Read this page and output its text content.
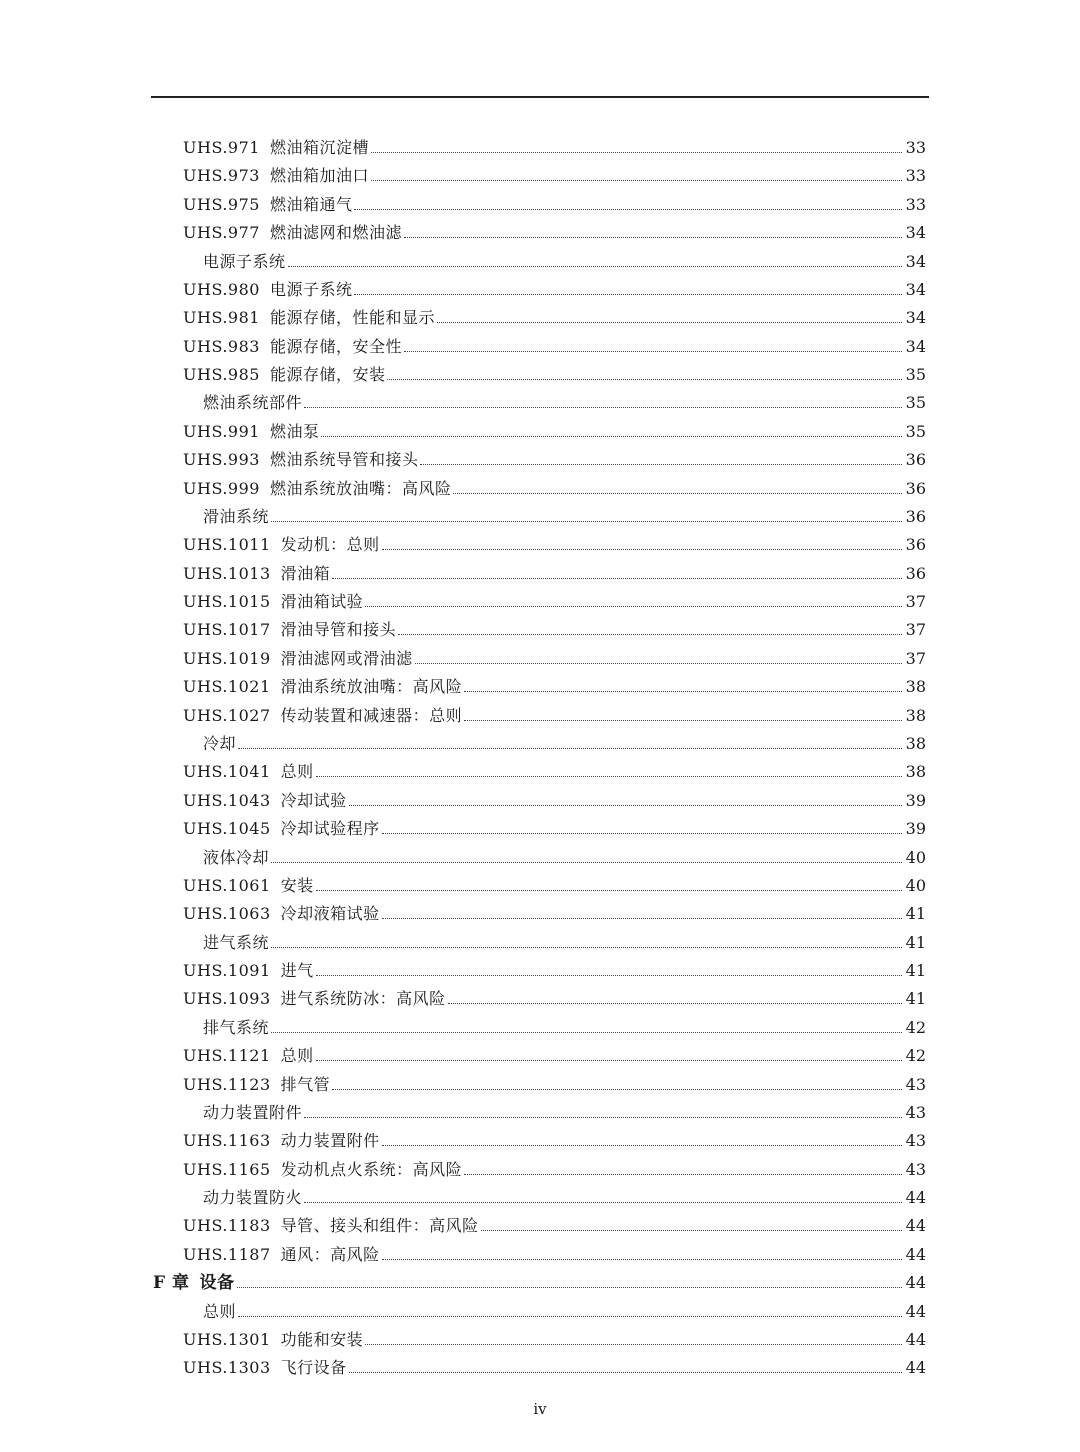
UHS.971 燃油箱沉淀槽	33
UHS.973 燃油箱加油口	33
UHS.975 燃油箱通气	33
UHS.977 燃油滤网和燃油滤	34
电源子系统	34
UHS.980 电源子系统	34
UHS.981 能源存储，性能和显示	34
UHS.983 能源存储，安全性	34
UHS.985 能源存储，安装	35
燃油系统部件	35
UHS.991 燃油泵	35
UHS.993 燃油系统导管和接头	36
UHS.999 燃油系统放油嘴：高风险	36
滑油系统	36
UHS.1011 发动机：总则	36
UHS.1013 滑油箱	36
UHS.1015 滑油箱试验	37
UHS.1017 滑油导管和接头	37
UHS.1019 滑油滤网或滑油滤	37
UHS.1021 滑油系统放油嘴：高风险	38
UHS.1027 传动装置和减速器：总则	38
冷却	38
UHS.1041 总则	38
UHS.1043 冷却试验	39
UHS.1045 冷却试验程序	39
液体冷却	40
UHS.1061 安装	40
UHS.1063 冷却液箱试验	41
进气系统	41
UHS.1091 进气	41
UHS.1093 进气系统防冰：高风险	41
排气系统	42
UHS.1121 总则	42
UHS.1123 排气管	43
动力装置附件	43
UHS.1163 动力装置附件	43
UHS.1165 发动机点火系统：高风险	43
动力装置防火	44
UHS.1183 导管、接头和组件：高风险	44
UHS.1187 通风：高风险	44
F 章 设备	44
总则	44
UHS.1301 功能和安装	44
UHS.1303 飞行设备	44
iv
